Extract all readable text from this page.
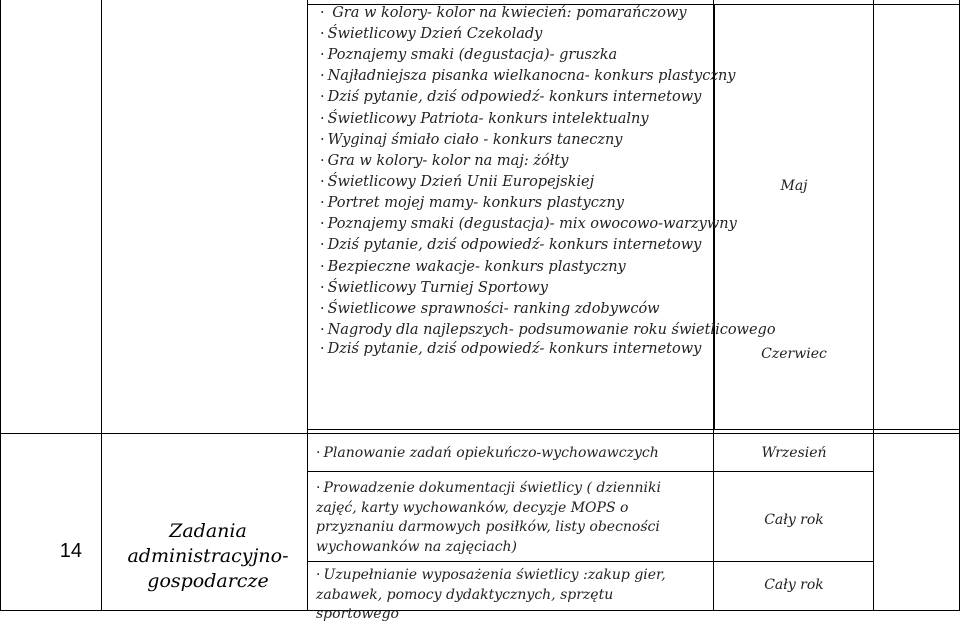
· Gra w kolory- kolor na kwiecień: pomarańczowy
· Świetlicowy Dzień Czekolady
· Poznajemy smaki (degustacja)- gruszka
· Najładniejsza pisanka wielkanocna- konkurs plastyczny
· Dziś pytanie, dziś odpowiedź- konkurs internetowy
· Świetlicowy Patriota- konkurs intelektualny
· Wyginaj śmiało ciało - konkurs taneczny
· Gra w kolory- kolor na maj: żółty
· Świetlicowy Dzień Unii Europejskiej
· Portret mojej mamy- konkurs plastyczny
· Poznajemy smaki (degustacja)- mix owocowo-warzywny
· Dziś pytanie, dziś odpowiedź- konkurs internetowy
· Bezpieczne wakacje- konkurs plastyczny
· Świetlicowy Turniej Sportowy
· Świetlicowe sprawności- ranking zdobywców
· Nagrody dla najlepszych- podsumowanie roku świetlicowego
· Dziś pytanie, dziś odpowiedź- konkurs internetowy
Maj
Czerwiec
14
Zadania administracyjno-gospodarcze
· Planowanie zadań opiekuńczo-wychowawczych
· Prowadzenie dokumentacji świetlicy ( dzienniki zajęć, karty wychowanków, decyzje MOPS o przyznaniu darmowych posiłków, listy obecności wychowanków na zajęciach)
· Uzupełnianie wyposażenia świetlicy :zakup gier, zabawek, pomocy dydaktycznych, sprzętu sportowego
Wrzesień
Cały rok
Cały rok
